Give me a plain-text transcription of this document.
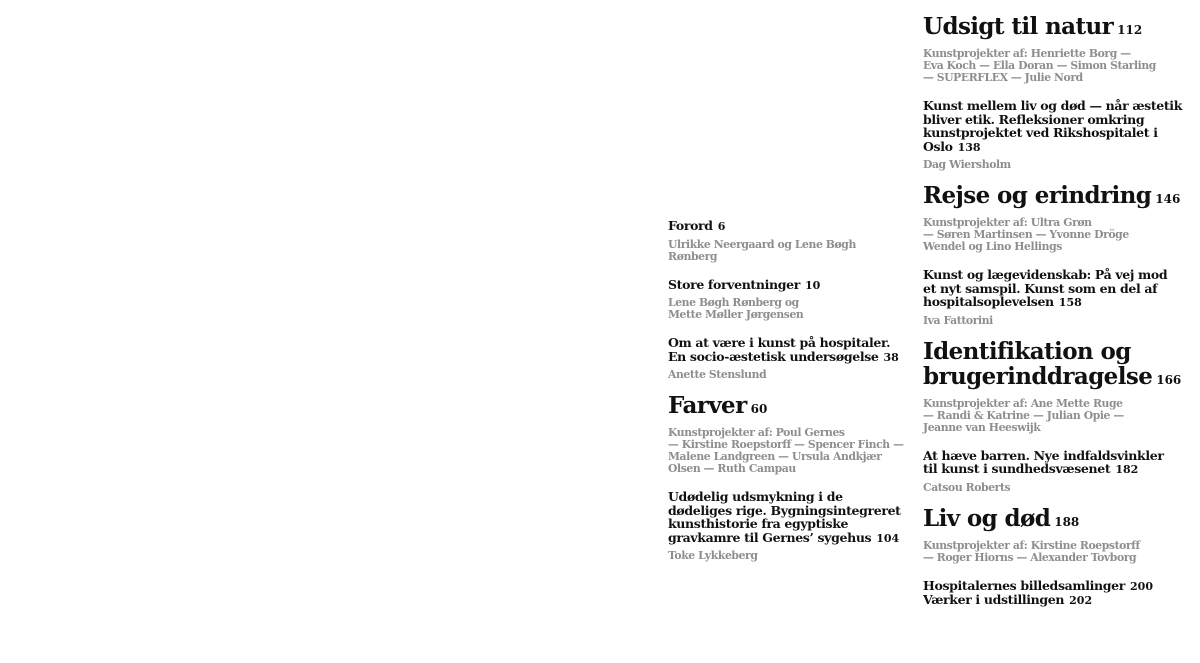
Forord 6

Ulrikke Neergaard og Lene Bøgh Rønberg

Store forventninger 10

Lene Bøgh Rønberg og

Mette Møller Jørgensen

Om at være i kunst på hospitaler.

En socio-æstetisk undersøgelse 38

Anette Stenslund

Farver 60

Kunstprojekter af: Poul Gernes

— Kirstine Roepstorff — Spencer Finch —

Malene Landgreen — Ursula Andkjær

Olsen — Ruth Campau

Udødelig udsmykning i de

dødeliges rige. Bygningsintegreret

kunsthistorie fra egyptiske

gravkamre til Gernes’ sygehus 104

Toke Lykkeberg

Udsigt til natur 112

Kunstprojekter af: Henriette Borg —

Eva Koch — Ella Doran — Simon Starling

— SUPERFLEX — Julie Nord

Kunst mellem liv og død — når æstetik

bliver etik. Refleksioner omkring

kunstprojektet ved Rikshospitalet i

Oslo 138

Dag Wiersholm

Rejse og erindring 146

Kunstprojekter af: Ultra Grøn

— Søren Martinsen — Yvonne Dröge

Wendel og Lino Hellings

Kunst og lægevidenskab: På vej mod

et nyt samspil. Kunst som en del af

hospitalsoplevelsen 158

Iva Fattorini

Identifikation og

brugerinddragelse 166

Kunstprojekter af: Ane Mette Ruge

— Randi & Katrine — Julian Opie —

Jeanne van Heeswijk

At hæve barren. Nye indfaldsvinkler

til kunst i sundhedsvæsenet 182

Catsou Roberts

Liv og død 188

Kunstprojekter af: Kirstine Roepstorff

— Roger Hiorns — Alexander Tovborg

Hospitalernes billedsamlinger 200

Værker i udstillingen 202
